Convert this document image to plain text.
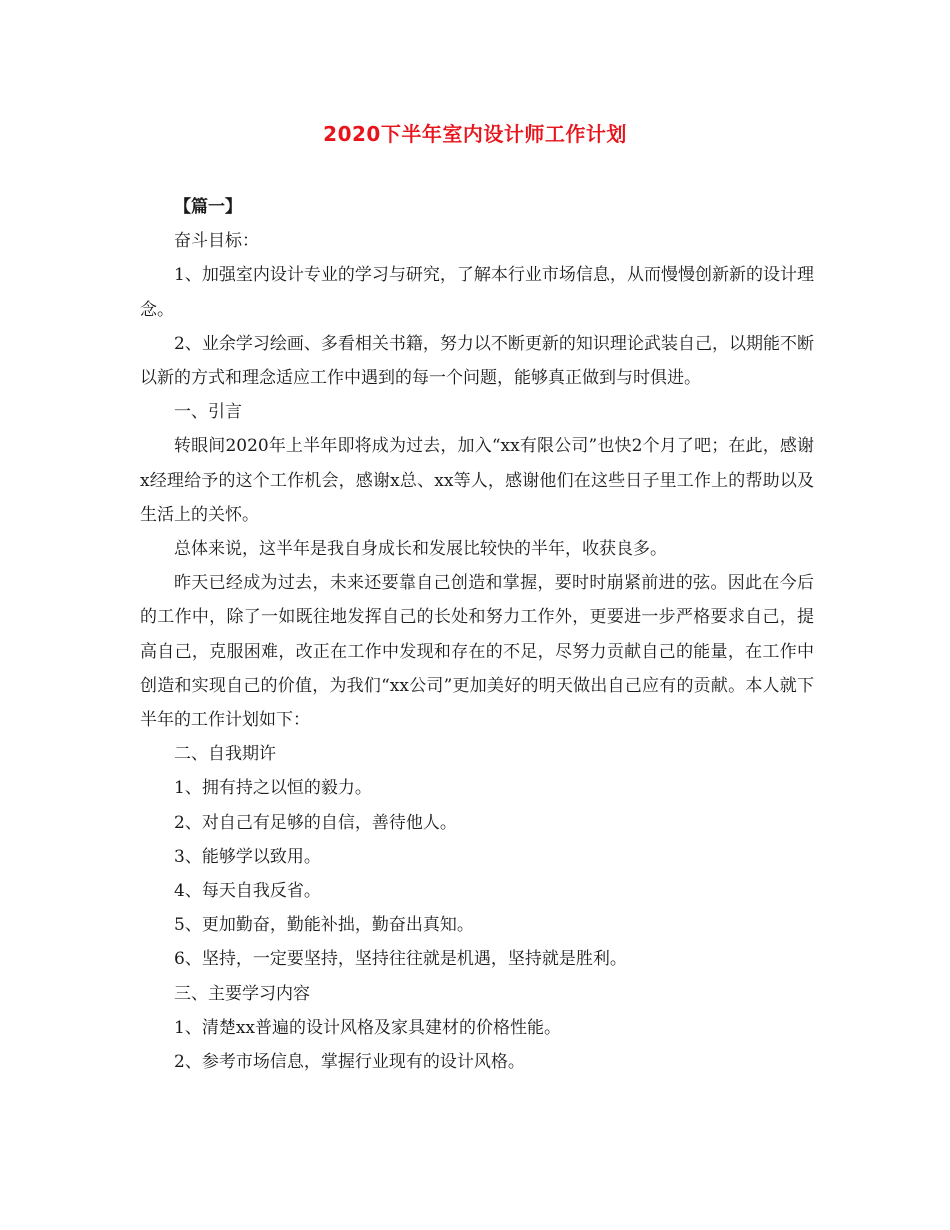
2020下半年室内设计师工作计划

【篇一】

奋斗目标：

1、加强室内设计专业的学习与研究，了解本行业市场信息，从而慢慢创新新的设计理念。

2、业余学习绘画、多看相关书籍，努力以不断更新的知识理论武装自己，以期能不断以新的方式和理念适应工作中遇到的每一个问题，能够真正做到与时俱进。

一、引言

转眼间2020年上半年即将成为过去，加入“xx有限公司”也快2个月了吧；在此，感谢x经理给予的这个工作机会，感谢x总、xx等人，感谢他们在这些日子里工作上的帮助以及生活上的关怀。

总体来说，这半年是我自身成长和发展比较快的半年，收获良多。

昨天已经成为过去，未来还要靠自己创造和掌握，要时时崩紧前进的弦。因此在今后的工作中，除了一如既往地发挥自己的长处和努力工作外，更要进一步严格要求自己，提高自己，克服困难，改正在工作中发现和存在的不足，尽努力贡献自己的能量，在工作中创造和实现自己的价值，为我们“xx公司”更加美好的明天做出自己应有的贡献。本人就下半年的工作计划如下：

二、自我期许

1、拥有持之以恒的毅力。

2、对自己有足够的自信，善待他人。

3、能够学以致用。

4、每天自我反省。

5、更加勤奋，勤能补拙，勤奋出真知。

6、坚持，一定要坚持，坚持往往就是机遇，坚持就是胜利。

三、主要学习内容

1、清楚xx普遍的设计风格及家具建材的价格性能。

2、参考市场信息，掌握行业现有的设计风格。
